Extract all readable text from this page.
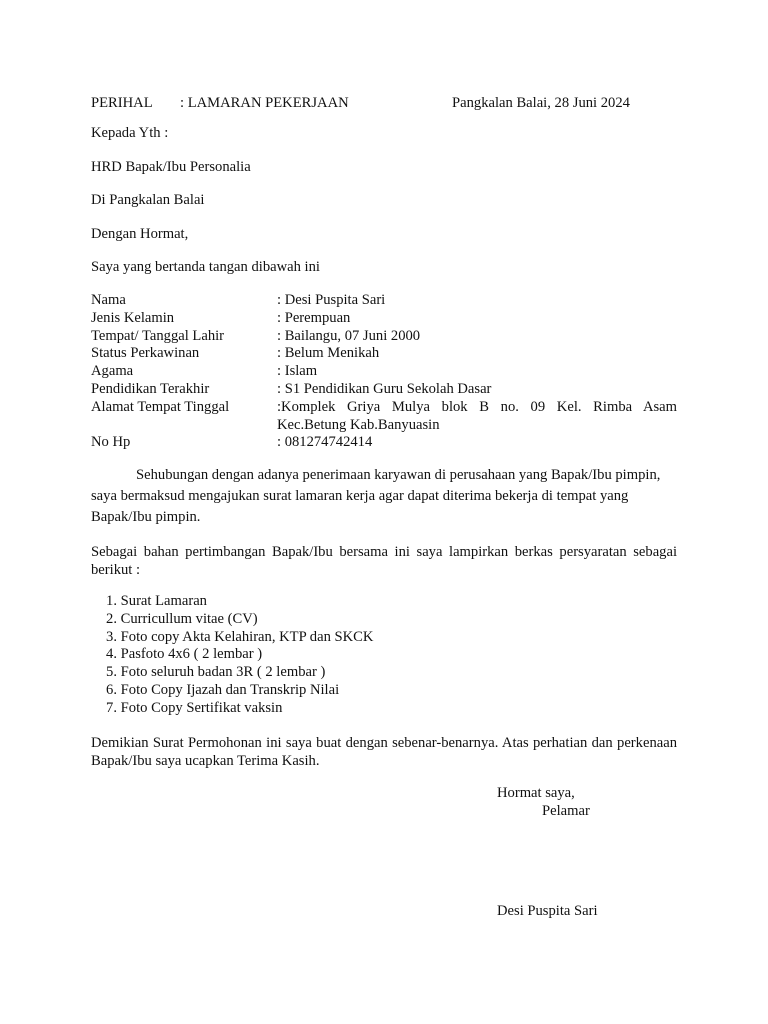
PERIHAL : LAMARAN PEKERJAAN	Pangkalan Balai, 28 Juni 2024
Kepada Yth :
HRD Bapak/Ibu Personalia
Di Pangkalan Balai
Dengan Hormat,
Saya yang bertanda tangan dibawah ini
Nama	: Desi Puspita Sari
Jenis Kelamin	: Perempuan
Tempat/ Tanggal Lahir	: Bailangu, 07 Juni 2000
Status Perkawinan	: Belum Menikah
Agama	: Islam
Pendidikan Terakhir	: S1 Pendidikan Guru Sekolah Dasar
Alamat Tempat Tinggal	:Komplek Griya Mulya blok B no. 09 Kel. Rimba Asam
Kec.Betung Kab.Banyuasin
No Hp	: 081274742414
Sehubungan dengan adanya penerimaan karyawan di perusahaan yang Bapak/Ibu pimpin, saya bermaksud mengajukan surat lamaran kerja agar dapat diterima bekerja di tempat yang Bapak/Ibu pimpin.
Sebagai bahan pertimbangan Bapak/Ibu bersama ini saya lampirkan berkas persyaratan sebagai berikut :
1. Surat Lamaran
2. Curricullum vitae (CV)
3. Foto copy Akta Kelahiran, KTP dan SKCK
4. Pasfoto 4x6 ( 2 lembar )
5. Foto seluruh badan 3R ( 2 lembar )
6. Foto Copy Ijazah dan Transkrip Nilai
7. Foto Copy Sertifikat vaksin
Demikian Surat Permohonan ini saya buat dengan sebenar-benarnya. Atas perhatian dan perkenaan Bapak/Ibu saya ucapkan Terima Kasih.
Hormat saya,
Pelamar
Desi Puspita Sari
